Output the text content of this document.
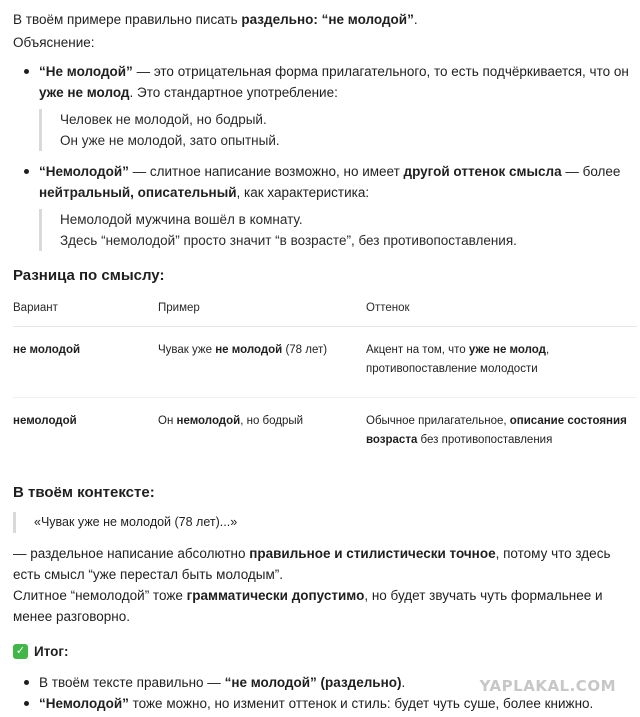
В твоём примере правильно писать раздельно: “не молодой”.

Объяснение:

“Не молодой” — это отрицательная форма прилагательного, то есть подчёркивается, что он уже не молод. Это стандартное употребление:
Человек не молодой, но бодрый.
Он уже не молодой, зато опытный.
“Немолодой” — слитное написание возможно, но имеет другой оттенок смысла — более нейтральный, описательный, как характеристика:
Немолодой мужчина вошёл в комнату.
Здесь “немолодой” просто значит “в возрасте”, без противопоставления.
Разница по смыслу:
Вариант	Пример	Оттенок
не молодой	Чувак уже не молодой (78 лет)	Акцент на том, что уже не молод, противопоставление молодости
немолодой	Он немолодой, но бодрый	Обычное прилагательное, описание состояния возраста без противопоставления
В твоём контексте:
«Чувак уже не молодой (78 лет)...»

— раздельное написание абсолютно правильное и стилистически точное, потому что здесь есть смысл “уже перестал быть молодым”.

Слитное “немолодой” тоже грамматически допустимо, но будет звучать чуть формальнее и менее разговорно.

✓ Итог:
В твоём тексте правильно — “не молодой” (раздельно).
“Немолодой” тоже можно, но изменит оттенок и стиль: будет чуть суше, более книжно.
YAPLAKAL.COM
